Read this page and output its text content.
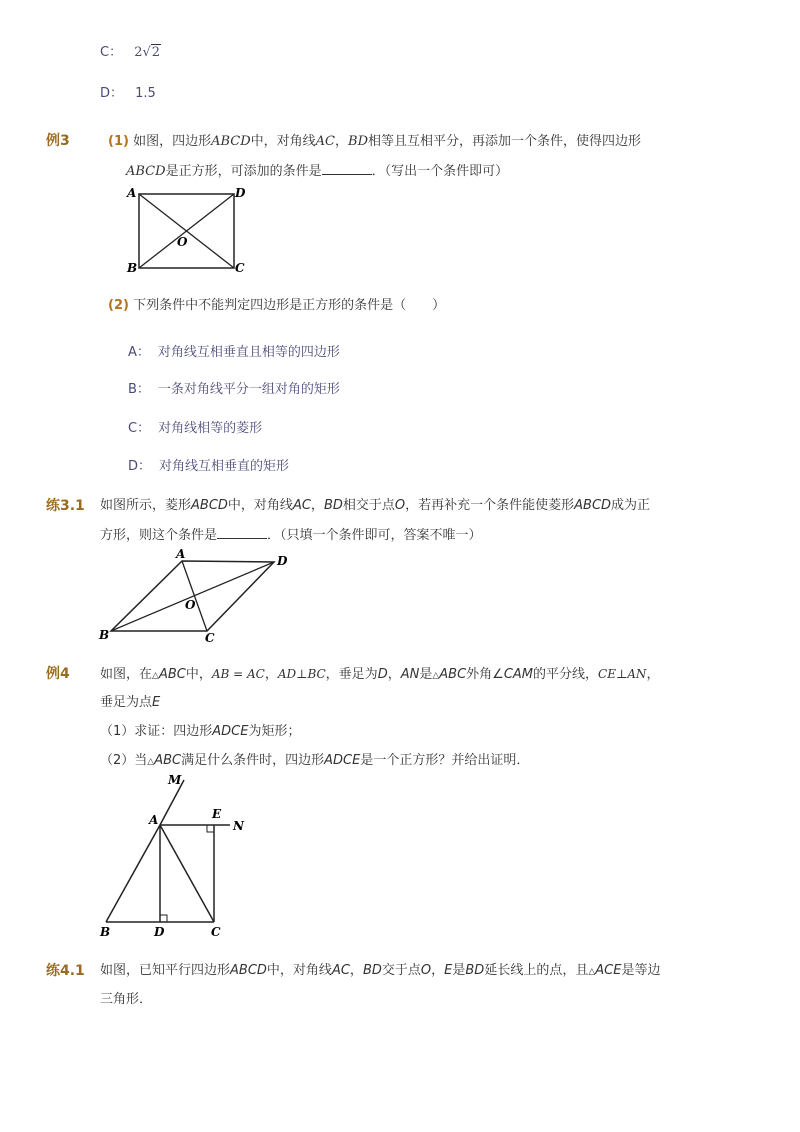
C： 2√2
D： 1.5
例3	(1) 如图，四边形ABCD中，对角线AC，BD相等且互相平分，再添加一个条件，使得四边形
ABCD是正方形，可添加的条件是	．（写出一个条件即可）
A	D
O
B	C
(2) 下列条件中不能判定四边形是正方形的条件是（　　）
A： 对角线互相垂直且相等的四边形
B： 一条对角线平分一组对角的矩形
C： 对角线相等的菱形
D： 对角线互相垂直的矩形
练3.1 如图所示，菱形ABCD中，对角线AC，BD相交于点O，若再补充一个条件能使菱形ABCD成为正
方形，则这个条件是	．（只填一个条件即可，答案不唯一）
A	D
O
B	C
例4 如图，在△ABC中，AB = AC，AD⊥BC，垂足为D，AN是△ABC外角∠CAM的平分线，CE⊥AN，
垂足为点E
（1）求证：四边形ADCE为矩形；
（2）当△ABC满足什么条件时，四边形ADCE是一个正方形？并给出证明．
M
A	E
N
B	D	C
练4.1 如图，已知平行四边形ABCD中，对角线AC，BD交于点O，E是BD延长线上的点，且△ACE是等边
三角形．
